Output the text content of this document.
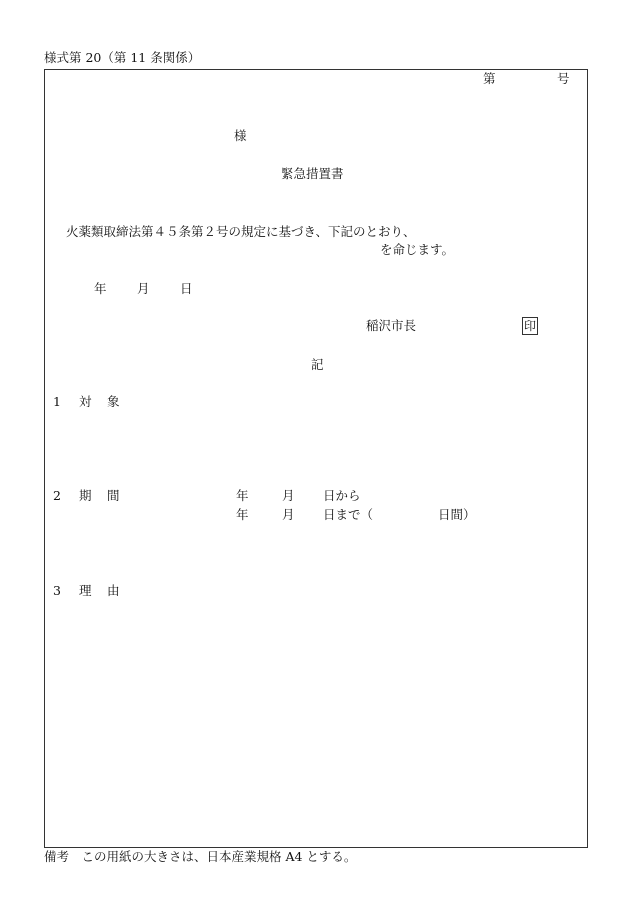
様式第 20（第 11 条関係）
第	号
様
緊急措置書
火薬類取締法第４５条第２号の規定に基づき、下記のとおり、
を命じます。
年 月 日
稲沢市長	印
記
1 対 象
2 期 間	年	月 日から
年	月 日まで（	日間）
3 理 由
備考　この用紙の大きさは、日本産業規格 A4 とする。
